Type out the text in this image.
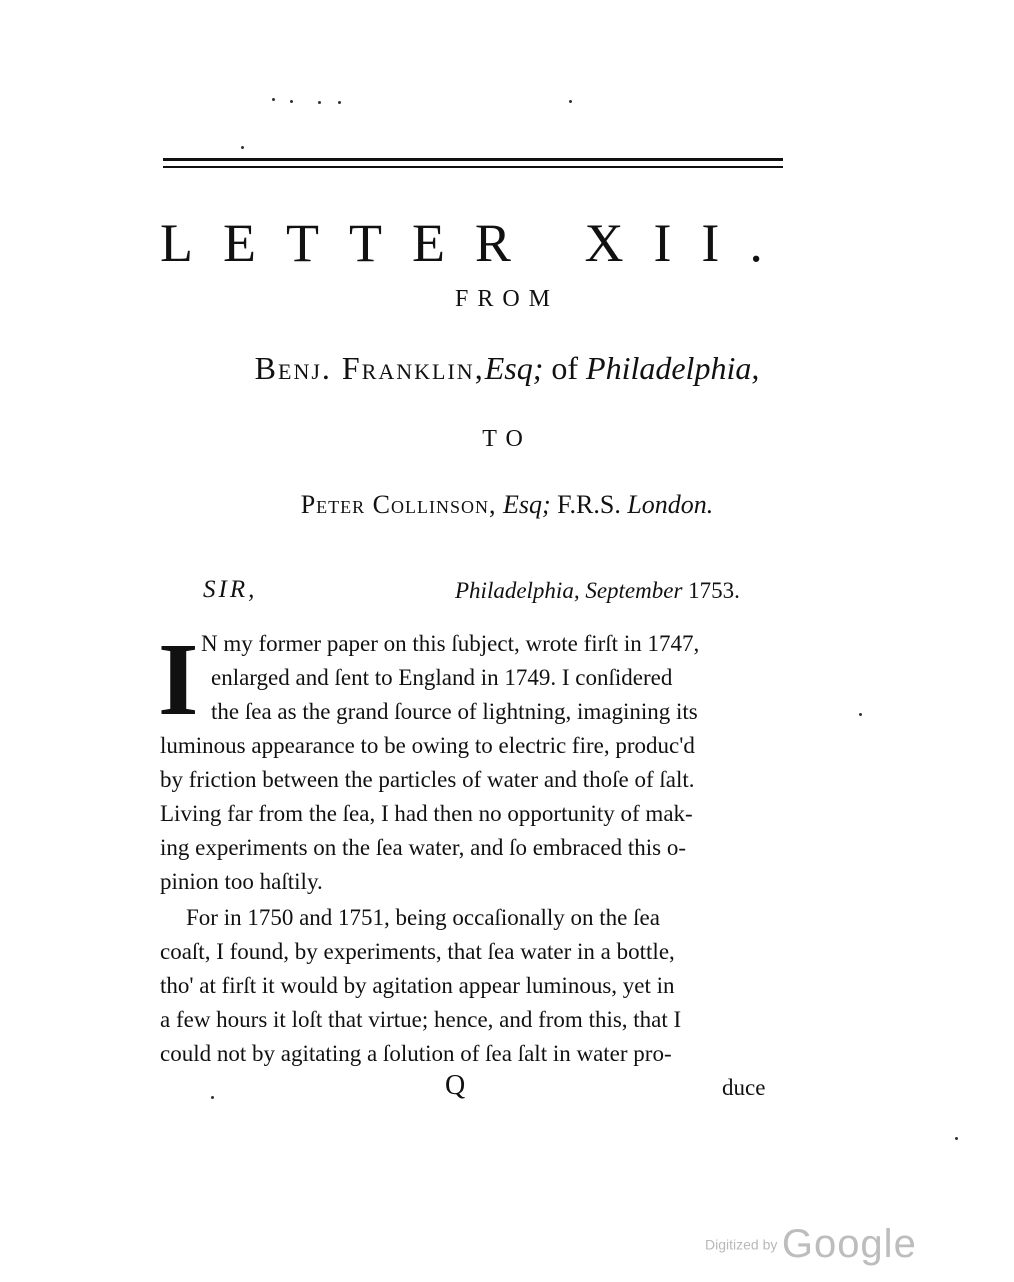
LETTER XII.
FROM
Benj. Franklin,Esq; of Philadelphia,
TO
Peter Collinson, Esq; F.R.S. London.
SIR,	Philadelphia, September 1753.
I N my former paper on this ſubject, wrote firſt in 1747,
enlarged and ſent to England in 1749. I conſidered
the ſea as the grand ſource of lightning, imagining its
luminous appearance to be owing to electric fire, produc'd
by friction between the particles of water and thoſe of ſalt.
Living far from the ſea, I had then no opportunity of mak-
ing experiments on the ſea water, and ſo embraced this o-
pinion too haſtily.
For in 1750 and 1751, being occaſionally on the ſea
coaſt, I found, by experiments, that ſea water in a bottle,
tho' at firſt it would by agitation appear luminous, yet in
a few hours it loſt that virtue; hence, and from this, that I
could not by agitating a ſolution of ſea ſalt in water pro-
Q	duce
Digitized by Google
